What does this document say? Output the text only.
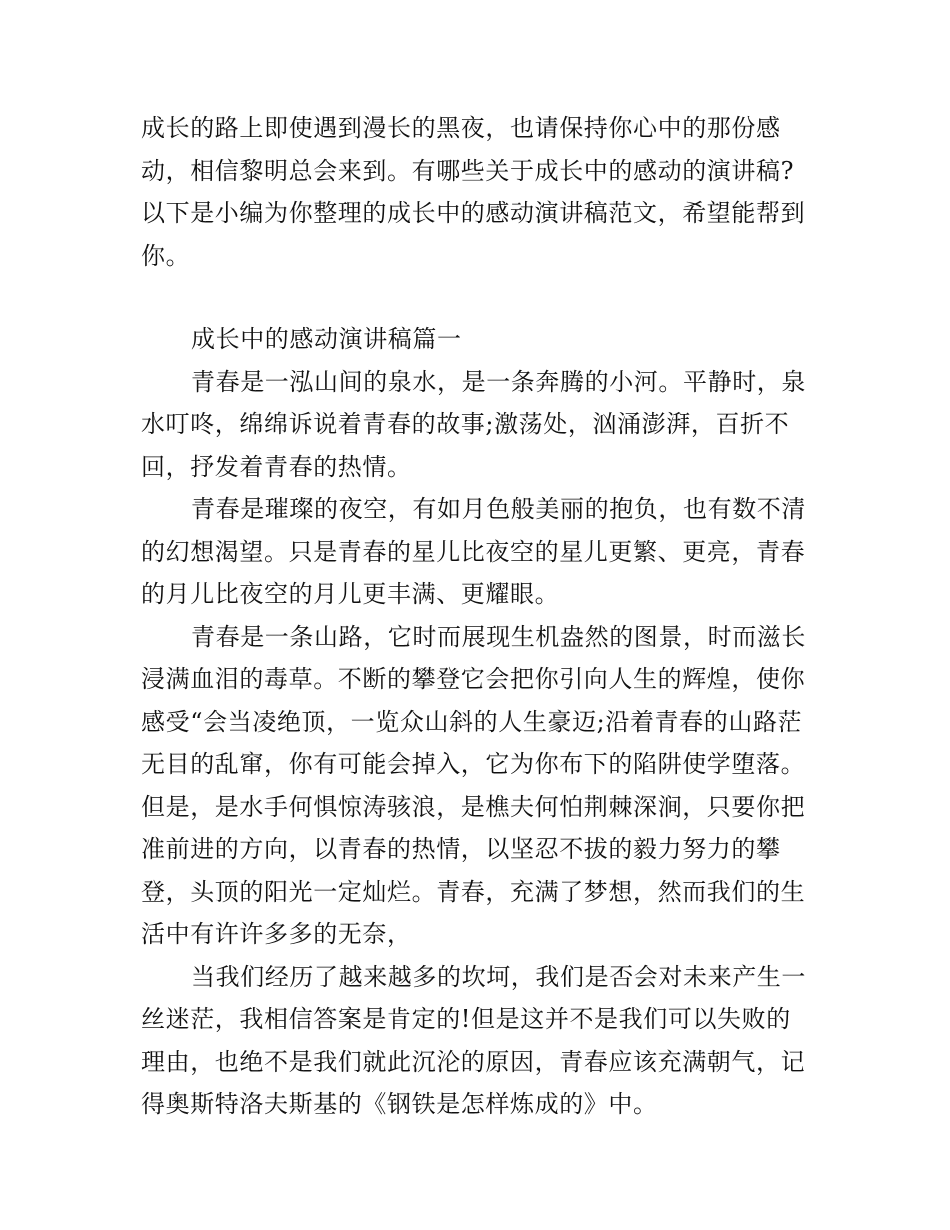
成长的路上即使遇到漫长的黑夜，也请保持你心中的那份感动，相信黎明总会来到。有哪些关于成长中的感动的演讲稿?以下是小编为你整理的成长中的感动演讲稿范文，希望能帮到你。

成长中的感动演讲稿篇一

青春是一泓山间的泉水，是一条奔腾的小河。平静时，泉水叮咚，绵绵诉说着青春的故事;激荡处，汹涌澎湃，百折不回，抒发着青春的热情。

青春是璀璨的夜空，有如月色般美丽的抱负，也有数不清的幻想渴望。只是青春的星儿比夜空的星儿更繁、更亮，青春的月儿比夜空的月儿更丰满、更耀眼。

青春是一条山路，它时而展现生机盎然的图景，时而滋长浸满血泪的毒草。不断的攀登它会把你引向人生的辉煌，使你感受“会当凌绝顶，一览众山斜的人生豪迈;沿着青春的山路茫无目的乱窜，你有可能会掉入，它为你布下的陷阱使学堕落。但是，是水手何惧惊涛骇浪，是樵夫何怕荆棘深涧，只要你把准前进的方向，以青春的热情，以坚忍不拔的毅力努力的攀登，头顶的阳光一定灿烂。青春，充满了梦想，然而我们的生活中有许许多多的无奈，

当我们经历了越来越多的坎坷，我们是否会对未来产生一丝迷茫，我相信答案是肯定的!但是这并不是我们可以失败的理由，也绝不是我们就此沉沦的原因，青春应该充满朝气，记得奥斯特洛夫斯基的《钢铁是怎样炼成的》中。
